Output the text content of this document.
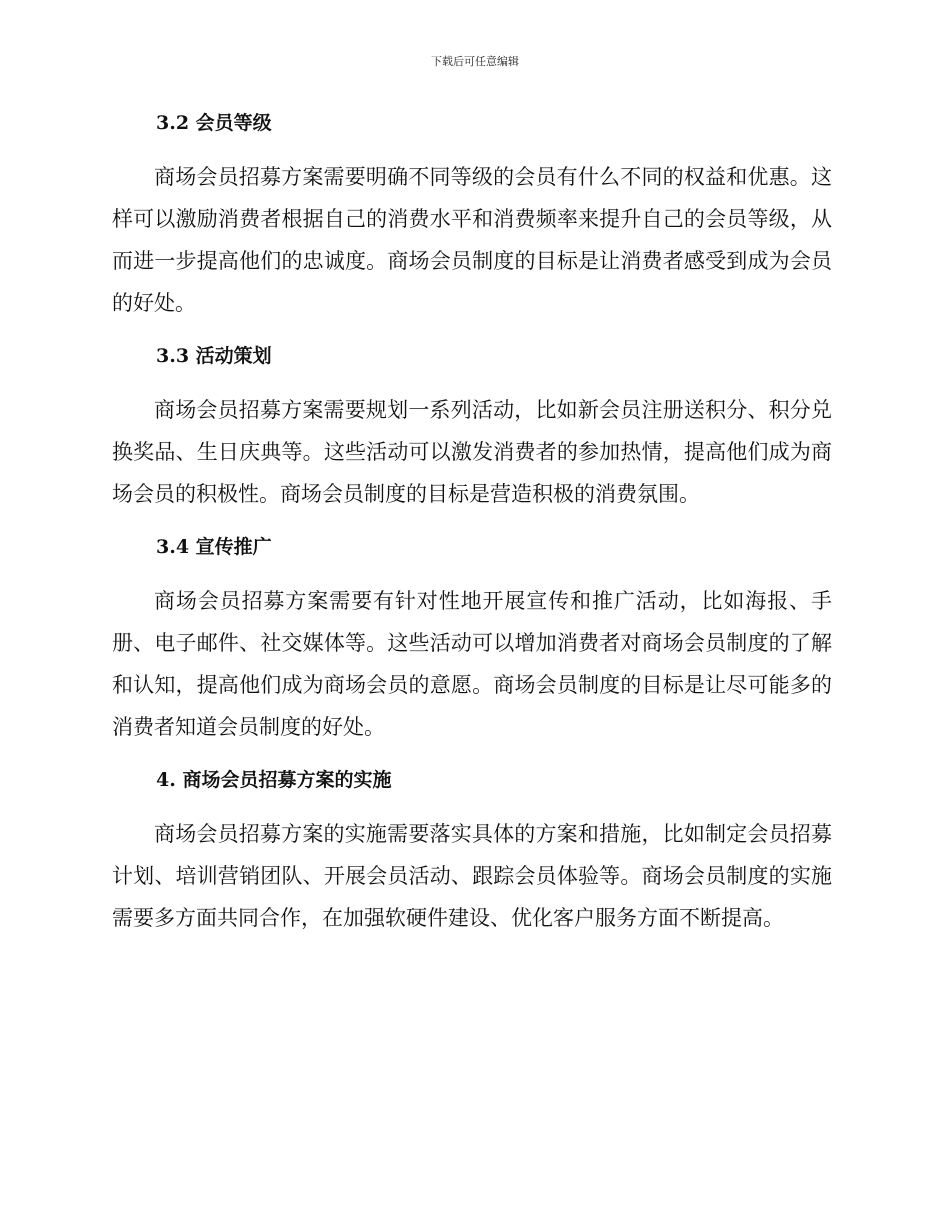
下载后可任意编辑
3.2 会员等级

商场会员招募方案需要明确不同等级的会员有什么不同的权益和优惠。这样可以激励消费者根据自己的消费水平和消费频率来提升自己的会员等级，从而进一步提高他们的忠诚度。商场会员制度的目标是让消费者感受到成为会员的好处。

3.3 活动策划

商场会员招募方案需要规划一系列活动，比如新会员注册送积分、积分兑换奖品、生日庆典等。这些活动可以激发消费者的参加热情，提高他们成为商场会员的积极性。商场会员制度的目标是营造积极的消费氛围。

3.4 宣传推广

商场会员招募方案需要有针对性地开展宣传和推广活动，比如海报、手册、电子邮件、社交媒体等。这些活动可以增加消费者对商场会员制度的了解和认知，提高他们成为商场会员的意愿。商场会员制度的目标是让尽可能多的消费者知道会员制度的好处。

4. 商场会员招募方案的实施

商场会员招募方案的实施需要落实具体的方案和措施，比如制定会员招募计划、培训营销团队、开展会员活动、跟踪会员体验等。商场会员制度的实施需要多方面共同合作，在加强软硬件建设、优化客户服务方面不断提高。
